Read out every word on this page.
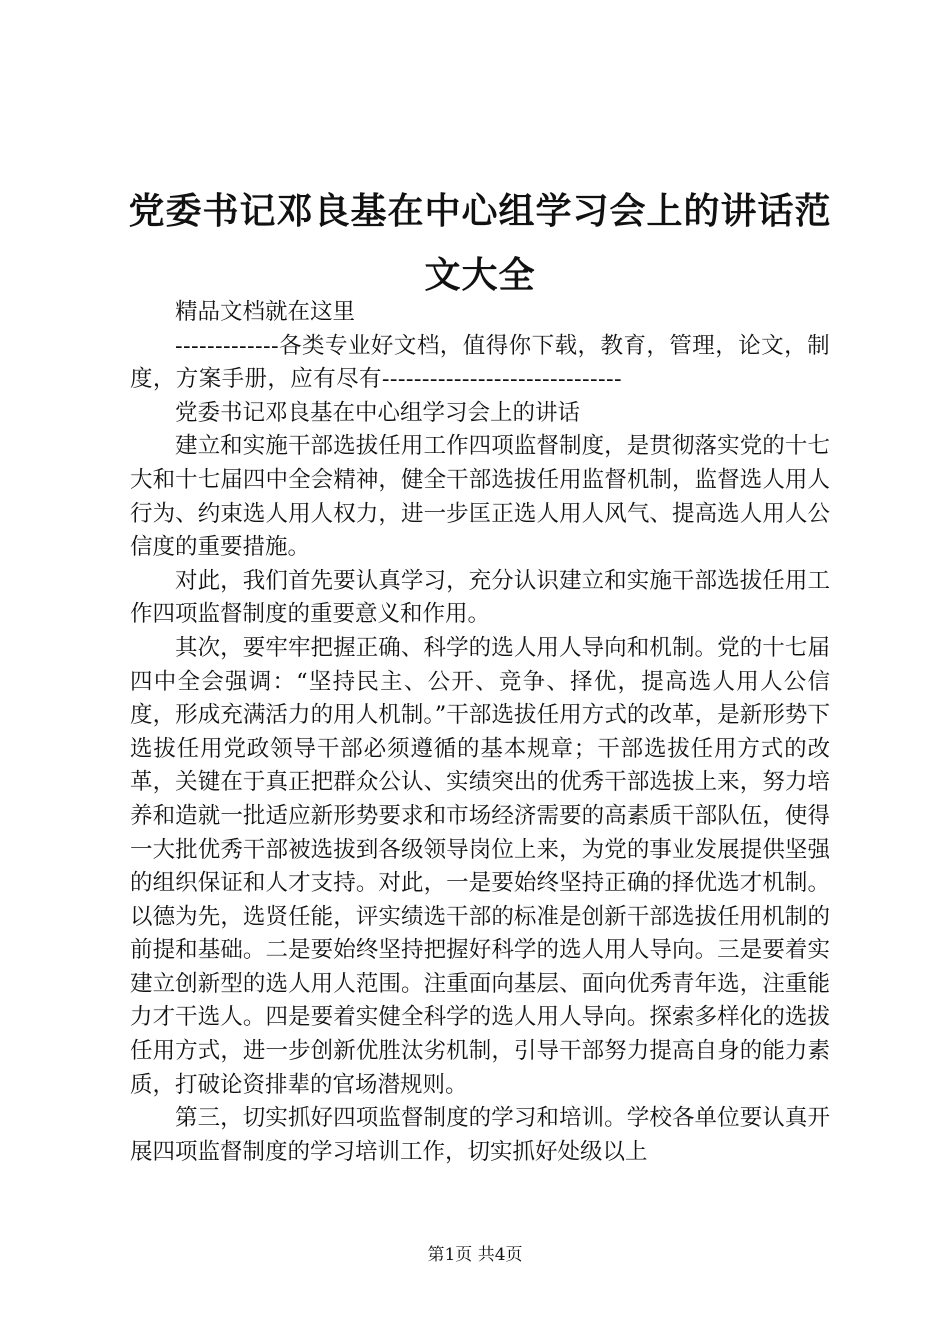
党委书记邓良基在中心组学习会上的讲话范文大全

精品文档就在这里

-------------各类专业好文档，值得你下载，教育，管理，论文，制度，方案手册，应有尽有------------------------------

党委书记邓良基在中心组学习会上的讲话

建立和实施干部选拔任用工作四项监督制度，是贯彻落实党的十七大和十七届四中全会精神，健全干部选拔任用监督机制，监督选人用人行为、约束选人用人权力，进一步匡正选人用人风气、提高选人用人公信度的重要措施。

对此，我们首先要认真学习，充分认识建立和实施干部选拔任用工作四项监督制度的重要意义和作用。

其次，要牢牢把握正确、科学的选人用人导向和机制。党的十七届四中全会强调：“坚持民主、公开、竞争、择优，提高选人用人公信度，形成充满活力的用人机制。”干部选拔任用方式的改革，是新形势下选拔任用党政领导干部必须遵循的基本规章；干部选拔任用方式的改革，关键在于真正把群众公认、实绩突出的优秀干部选拔上来，努力培养和造就一批适应新形势要求和市场经济需要的高素质干部队伍，使得一大批优秀干部被选拔到各级领导岗位上来，为党的事业发展提供坚强的组织保证和人才支持。对此，一是要始终坚持正确的择优选才机制。以德为先，选贤任能，评实绩选干部的标准是创新干部选拔任用机制的前提和基础。二是要始终坚持把握好科学的选人用人导向。三是要着实建立创新型的选人用人范围。注重面向基层、面向优秀青年选，注重能力才干选人。四是要着实健全科学的选人用人导向。探索多样化的选拔任用方式，进一步创新优胜汰劣机制，引导干部努力提高自身的能力素质，打破论资排辈的官场潜规则。

第三，切实抓好四项监督制度的学习和培训。学校各单位要认真开展四项监督制度的学习培训工作，切实抓好处级以上

第1页 共4页
